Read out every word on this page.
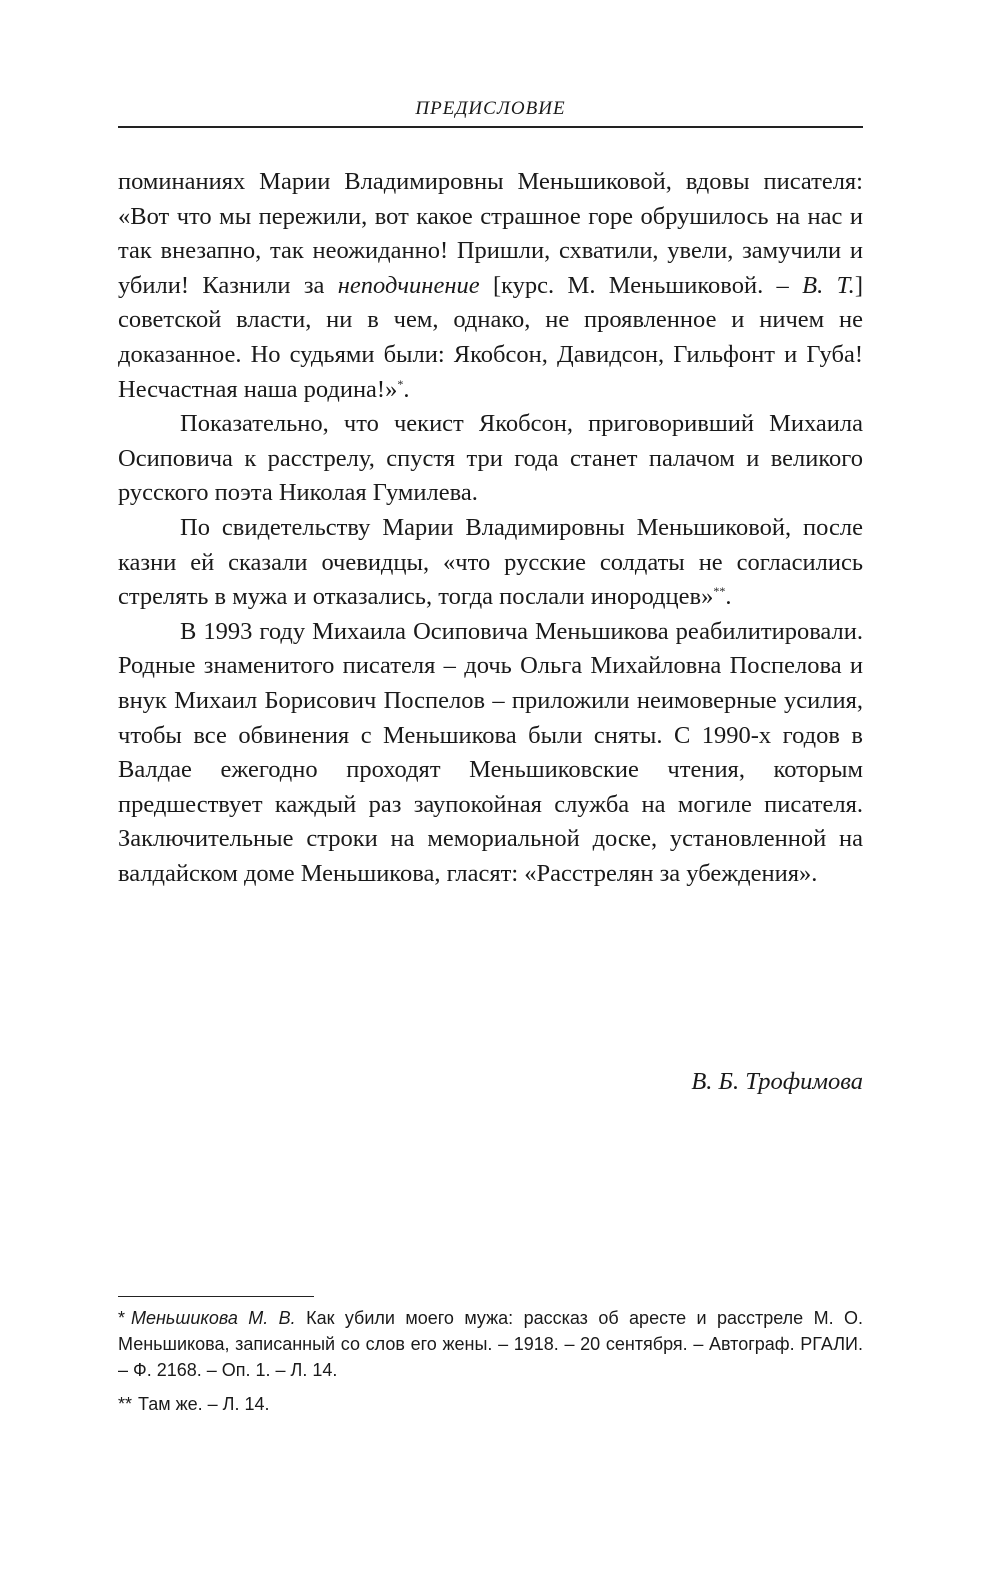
ПРЕДИСЛОВИЕ

поминаниях Марии Владимировны Меньшиковой, вдовы писателя: «Вот что мы пережили, вот какое страшное горе обрушилось на нас и так внезапно, так неожиданно! Пришли, схватили, увели, замучили и убили! Казнили за неподчинение [курс. М. Меньшиковой. – В. Т.] советской власти, ни в чем, однако, не проявленное и ничем не доказанное. Но судьями были: Якобсон, Давидсон, Гильфонт и Губа! Несчастная наша родина!»*.

Показательно, что чекист Якобсон, приговоривший Михаила Осиповича к расстрелу, спустя три года станет палачом и великого русского поэта Николая Гумилева.

По свидетельству Марии Владимировны Меньшиковой, после казни ей сказали очевидцы, «что русские солдаты не согласились стрелять в мужа и отказались, тогда послали инородцев»**.

В 1993 году Михаила Осиповича Меньшикова реабилитировали. Родные знаменитого писателя – дочь Ольга Михайловна Поспелова и внук Михаил Борисович Поспелов – приложили неимоверные усилия, чтобы все обвинения с Меньшикова были сняты. С 1990-х годов в Валдае ежегодно проходят Меньшиковские чтения, которым предшествует каждый раз заупокойная служба на могиле писателя. Заключительные строки на мемориальной доске, установленной на валдайском доме Меньшикова, гласят: «Расстрелян за убеждения».

В. Б. Трофимова

* Меньшикова М. В. Как убили моего мужа: рассказ об аресте и расстреле М. О. Меньшикова, записанный со слов его жены. – 1918. – 20 сентября. – Автограф. РГАЛИ. – Ф. 2168. – Оп. 1. – Л. 14.

** Там же. – Л. 14.
